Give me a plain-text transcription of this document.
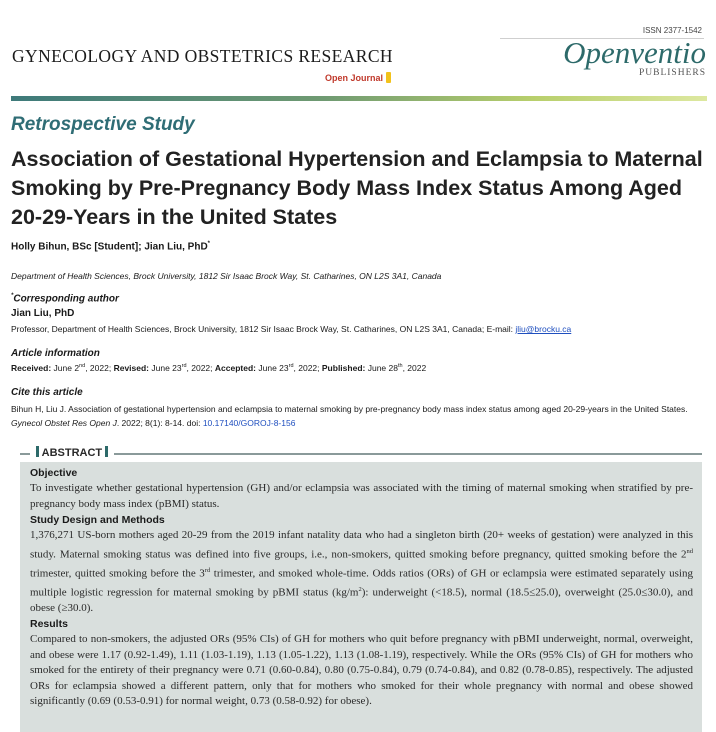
ISSN 2377-1542
GYNECOLOGY AND OBSTETRICS RESEARCH
Open Journal
Openventio
PUBLISHERS
Retrospective Study
Association of Gestational Hypertension and Eclampsia to Maternal Smoking by Pre-Pregnancy Body Mass Index Status Among Aged 20-29-Years in the United States
Holly Bihun, BSc [Student]; Jian Liu, PhD*
Department of Health Sciences, Brock University, 1812 Sir Isaac Brock Way, St. Catharines, ON L2S 3A1, Canada
*Corresponding author
Jian Liu, PhD
Professor, Department of Health Sciences, Brock University, 1812 Sir Isaac Brock Way, St. Catharines, ON L2S 3A1, Canada; E-mail: jliu@brocku.ca
Article information
Received: June 2nd, 2022; Revised: June 23rd, 2022; Accepted: June 23rd, 2022; Published: June 28th, 2022
Cite this article

Bihun H, Liu J. Association of gestational hypertension and eclampsia to maternal smoking by pre-pregnancy body mass index status among aged 20-29-years in the United States. Gynecol Obstet Res Open J. 2022; 8(1): 8-14. doi: 10.17140/GOROJ-8-156

Objective

To investigate whether gestational hypertension (GH) and/or eclampsia was associated with the timing of maternal smoking when stratified by pre-pregnancy body mass index (pBMI) status.

Study Design and Methods

1,376,271 US-born mothers aged 20-29 from the 2019 infant natality data who had a singleton birth (20+ weeks of gestation) were analyzed in this study. Maternal smoking status was defined into five groups, i.e., non-smokers, quitted smoking before pregnancy, quitted smoking before the 2nd trimester, quitted smoking before the 3rd trimester, and smoked whole-time. Odds ratios (ORs) of GH or eclampsia were estimated separately using multiple logistic regression for maternal smoking by pBMI status $(kg/m^2)$: underweight (<18.5), normal (18.5≤25.0), overweight (25.0≤30.0), and obese (≥30.0).

Results

Compared to non-smokers, the adjusted ORs (95% CIs) of GH for mothers who quit before pregnancy with pBMI underweight, normal, overweight, and obese were 1.17 (0.92-1.49), 1.11 (1.03-1.19), 1.13 (1.05-1.22), 1.13 (1.08-1.19), respectively. While the ORs (95% CIs) of GH for mothers who smoked for the entirety of their pregnancy were 0.71 (0.60-0.84), 0.80 (0.75-0.84), 0.79 (0.74-0.84), and 0.82 (0.78-0.85), respectively. The adjusted ORs for eclampsia showed a different pattern, only that for mothers who smoked for their whole pregnancy with normal and obese showed significantly (0.69 (0.53-0.91) for normal weight, 0.73 (0.58-0.92) for obese).

ABSTRACT
